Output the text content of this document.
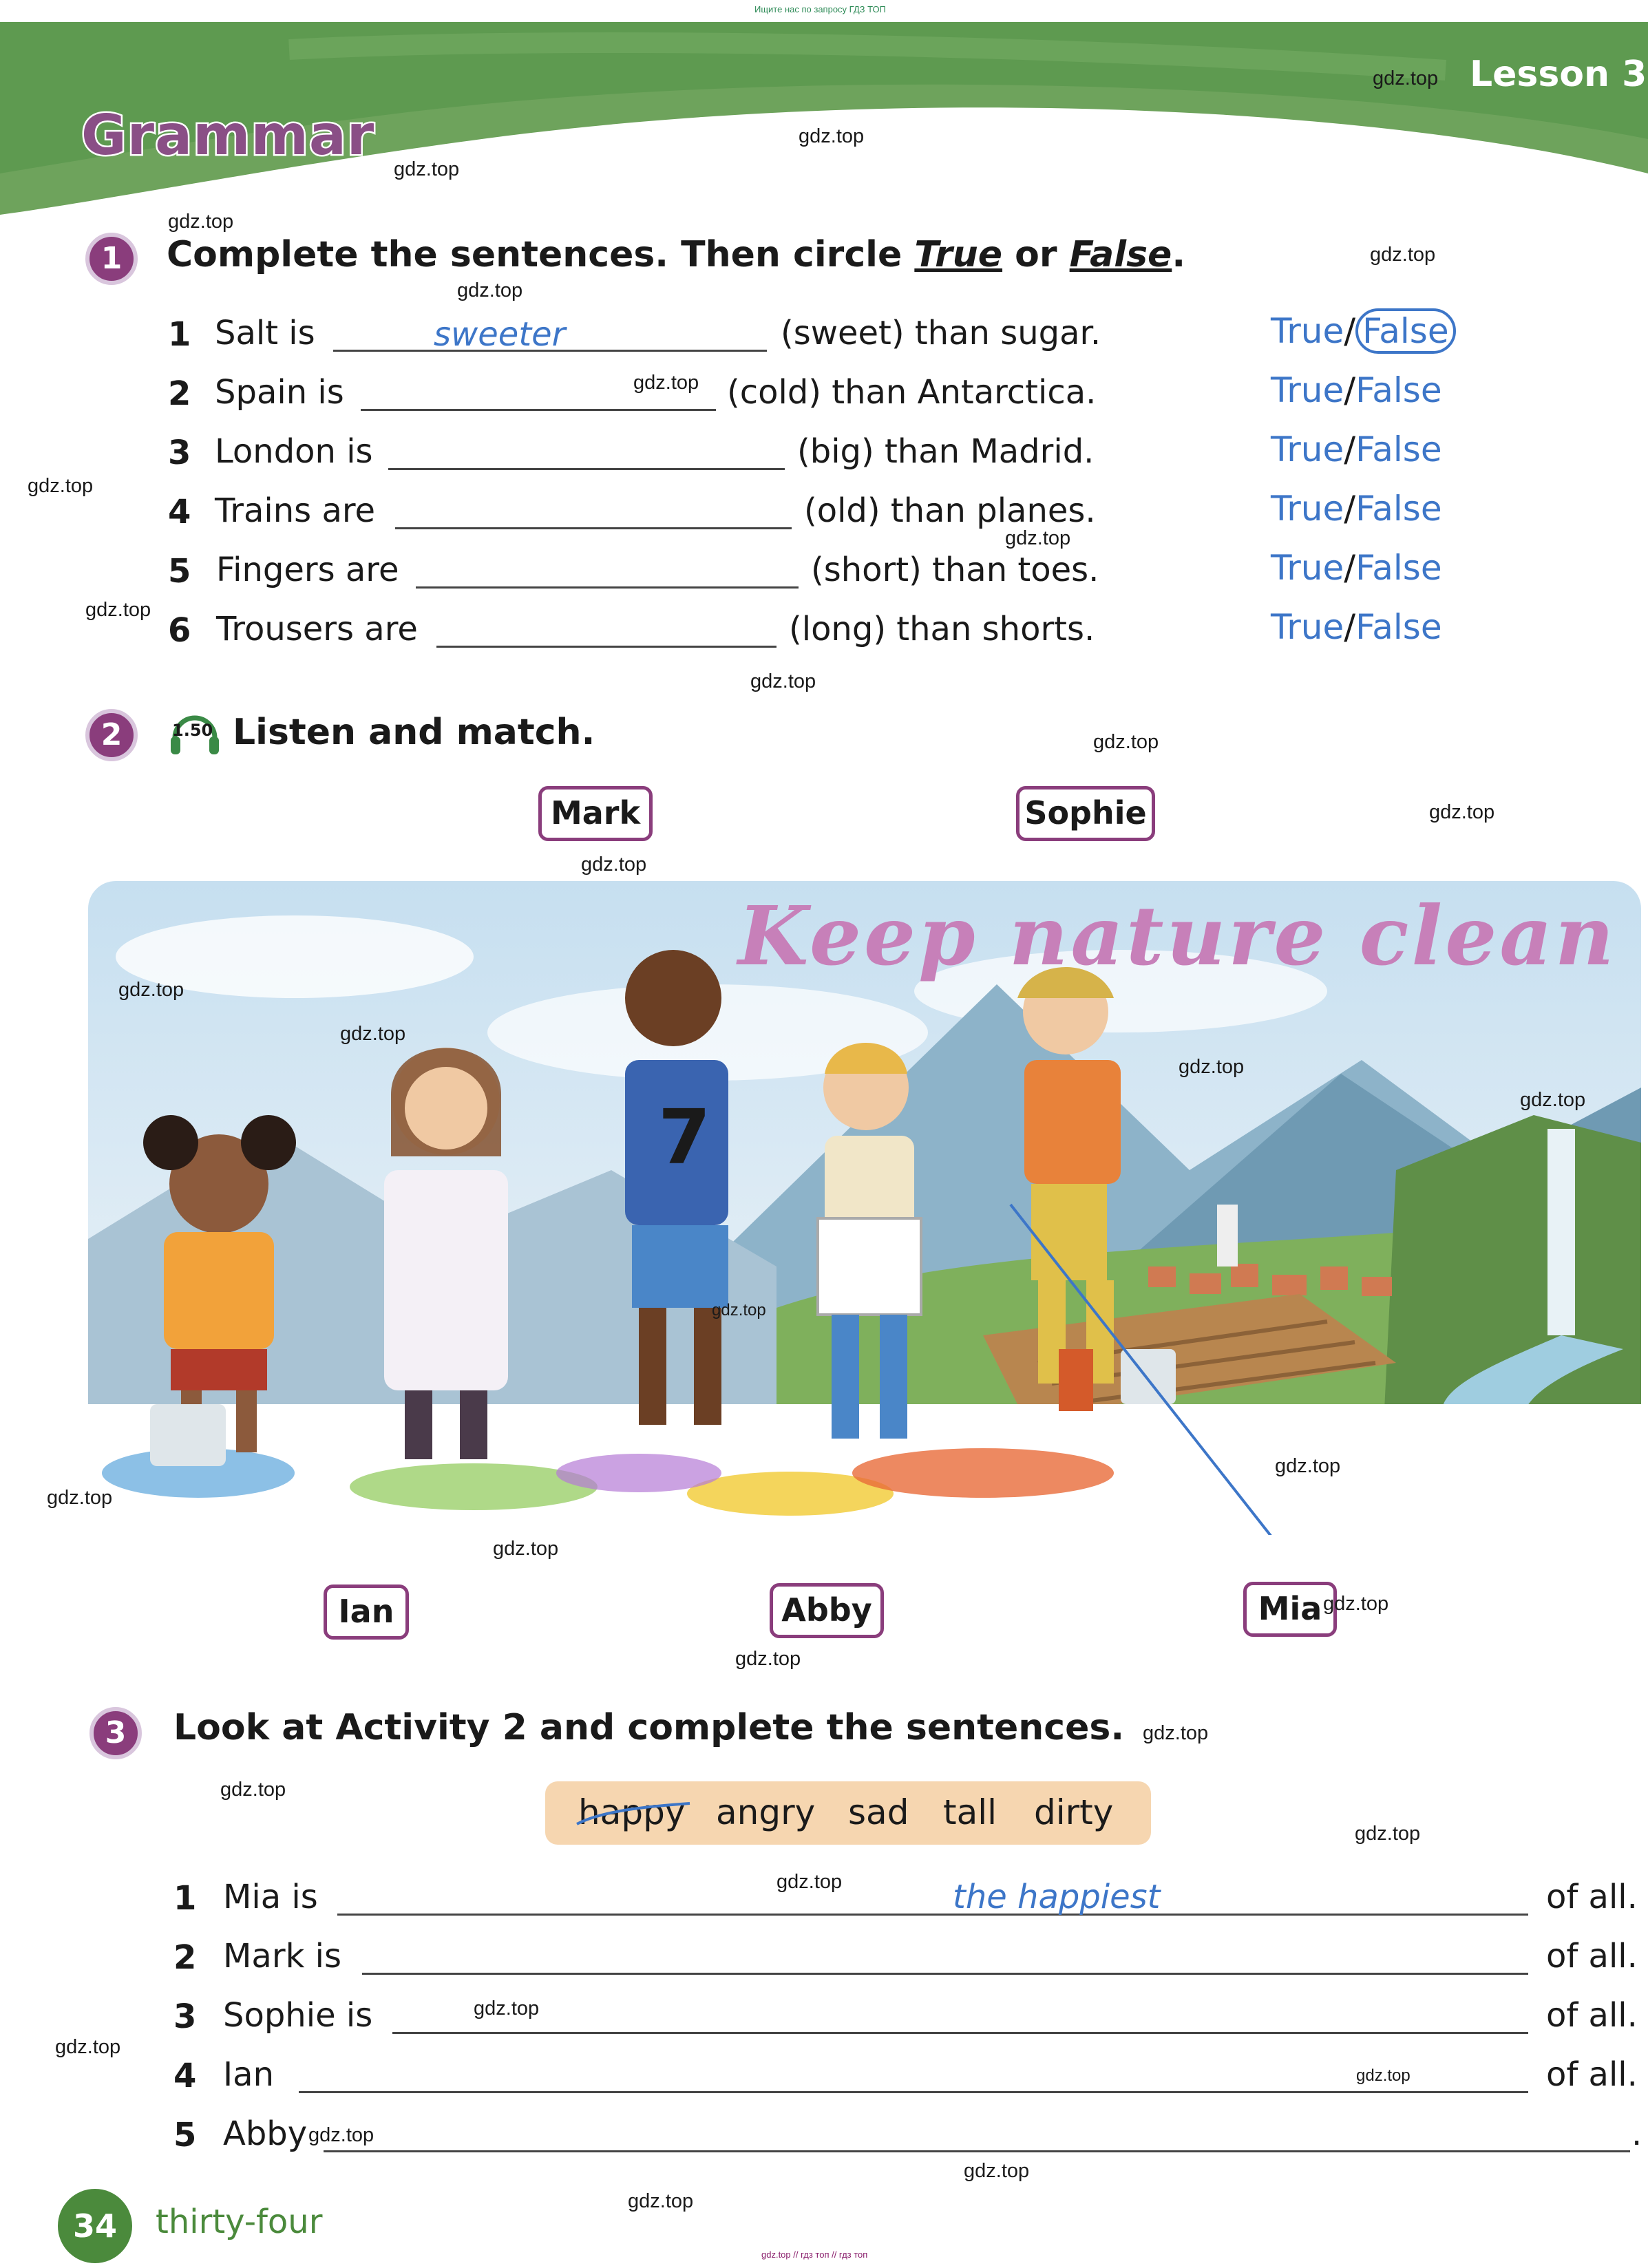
Ищите нас по запросу ГДЗ ТОП
gdz.top // гдз топ // гдз топ
Lesson 3
Grammar
1	Complete the sentences. Then circle True or False.
1 Salt is	sweeter	(sweet) than sugar.	True/ False
2 Spain is	(cold) than Antarctica.	True/False
3 London is	(big) than Madrid.	True/False
4 Trains are	(old) than planes.	True/False
5 Fingers are	(short) than toes.	True/False
6 Trousers are	(long) than shorts.	True/False
2	1.50 Listen and match.
Mark	Sophie
7
Keep nature clean
Ian	Abby	Mia
3	Look at Activity 2 and complete the sentences.
happy angry sad tall dirty
1 Mia is	the happiest	of all.
2 Mark is	of all.
3 Sophie is	of all.
4 Ian	of all.
5 Abby	.
34	thirty-four
gdz.top
gdz.top
gdz.top
gdz.top
gdz.top
gdz.top
gdz.top
gdz.top
gdz.top
gdz.top
gdz.top
gdz.top
gdz.top
gdz.top
gdz.top
gdz.top
gdz.top
gdz.top
gdz.top
gdz.top
gdz.top
gdz.top
gdz.top
gdz.top
gdz.top
gdz.top
gdz.top
gdz.top
gdz.top
gdz.top
gdz.top
gdz.top
gdz.top
gdz.top
